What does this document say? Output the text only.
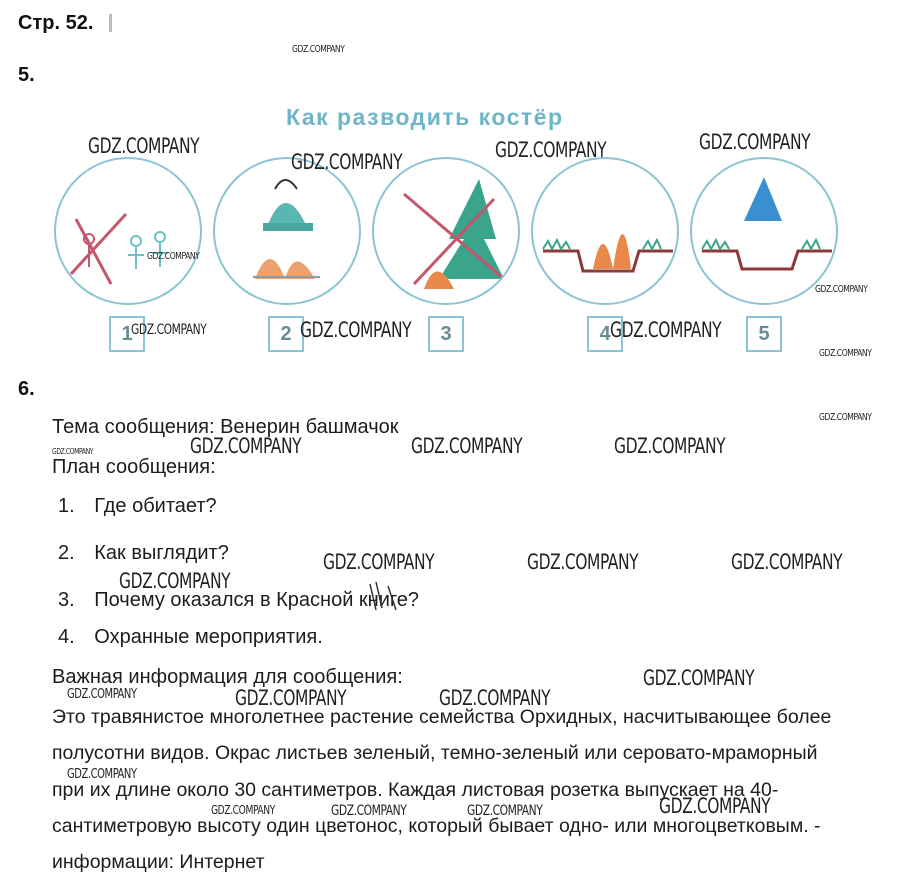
Стр. 52.
5.
Как разводить костёр
1	2	3	4	5
6.
Тема сообщения: Венерин башмачок
План сообщения:
1. Где обитает?
2. Как выглядит?
3. Почему оказался в Красной книге?
4. Охранные мероприятия.
Важная информация для сообщения:
Это травянистое многолетнее растение семейства Орхидных, насчитывающее более
полусотни видов. Окрас листьев зеленый, темно-зеленый или серовато-мраморный
при их длине около 30 сантиметров. Каждая листовая розетка выпускает на 40-
сантиметровую высоту один цветонос, который бывает одно- или многоцветковым. -
информации: Интернет
GDZ.COMPANY
GDZ.COMPANY
GDZ.COMPANY	GDZ.COMPANY	GDZ.COMPANY
GDZ.COMPANY
GDZ.COMPANY
GDZ.COMPANY	GDZ.COMPANY	GDZ.COMPANY
GDZ.COMPANY
GDZ.COMPANY
GDZ.COMPANY	GDZ.COMPANY	GDZ.COMPANY	GDZ.COMPANY
GDZ.COMPANY	GDZ.COMPANY	GDZ.COMPANY
GDZ.COMPANY
GDZ.COMPANY
GDZ.COMPANY	GDZ.COMPANY	GDZ.COMPANY
GDZ.COMPANY
GDZ.COMPANY
GDZ.COMPANY	GDZ.COMPANY	GDZ.COMPANY
